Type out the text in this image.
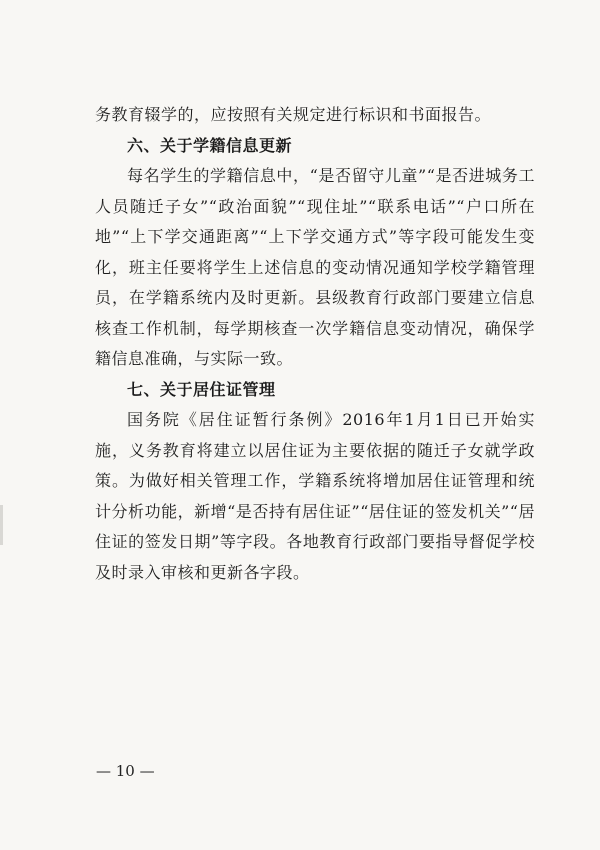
务教育辍学的，应按照有关规定进行标识和书面报告。

六、关于学籍信息更新

每名学生的学籍信息中，“是否留守儿童”“是否进城务工人员随迁子女”“政治面貌”“现住址”“联系电话”“户口所在地”“上下学交通距离”“上下学交通方式”等字段可能发生变化，班主任要将学生上述信息的变动情况通知学校学籍管理员，在学籍系统内及时更新。县级教育行政部门要建立信息核查工作机制，每学期核查一次学籍信息变动情况，确保学籍信息准确，与实际一致。

七、关于居住证管理

国务院《居住证暂行条例》2016年1月1日已开始实施，义务教育将建立以居住证为主要依据的随迁子女就学政策。为做好相关管理工作，学籍系统将增加居住证管理和统计分析功能，新增“是否持有居住证”“居住证的签发机关”“居住证的签发日期”等字段。各地教育行政部门要指导督促学校及时录入审核和更新各字段。

— 10 —
